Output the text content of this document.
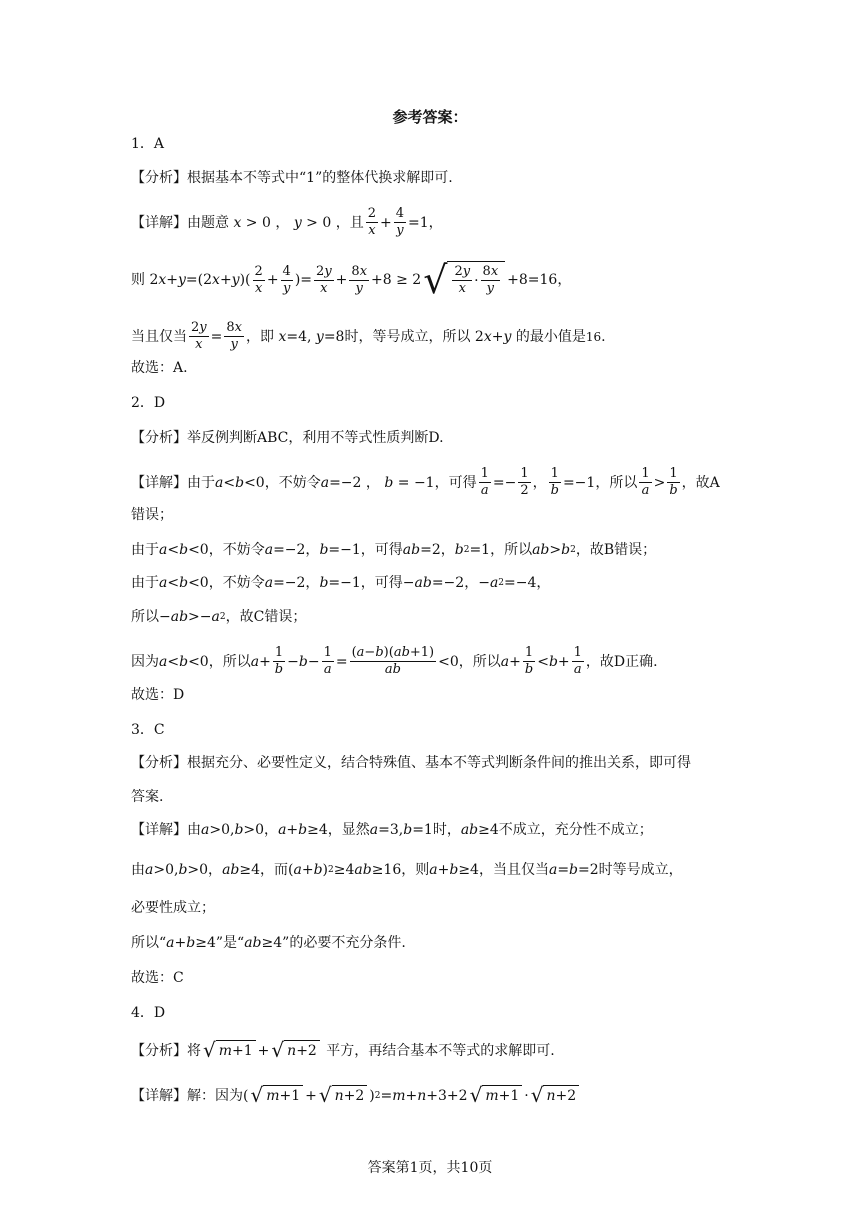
参考答案：
1．A
【分析】根据基本不等式中“1”的整体代换求解即可.
【详解】由题意 x > 0 ， y > 0 ，且 $\frac{2}{x} + \frac{4}{y} =1$，
则 2 x + y =(2 x + y )( $\frac{2}{x} + \frac{4}{y}$ )= $\frac{2y}{x} + \frac{8x}{y} +8 \ge 2$ √ $\frac{2y}{x} \cdot \frac{8x}{y} +8=16$，
当且仅当 $\frac{2y}{x} = \frac{8x}{y}$ ，即
x =4, y =8 时，等号成立，所以 2 x + y
的最小值是 16 .
故选：A.
2．D
【分析】举反例判断ABC，利用不等式性质判断D.
【详解】由于 a < b <0，不妨令 a =−2 ， b = −1，可得 $\frac{1}{a} =- \frac{1}{2}$ ， $\frac{1}{b} =-1$，所以 $\frac{1}{a} > \frac{1}{b}$ ，故A
错误；
由于 a < b <0，不妨令 a =−2， b =−1，可得 ab =2， b 2 =1，所以 ab > b 2 ，故B错误；
由于 a < b <0，不妨令 a =−2， b =−1，可得− ab =−2，− a 2 =−4，
所以 − ab >− a 2 ，故C错误；
因为 a < b <0，所以 $a + \frac{1}{b} - b - \frac{1}{a} = \frac{(a-b)(ab+1)}{ab} <0$，所以 $a + \frac{1}{b} < b + \frac{1}{a}$ ，故D正确.
故选：D
3．C
【分析】根据充分、必要性定义，结合特殊值、基本不等式判断条件间的推出关系，即可得
答案.
【详解】由 a >0, b >0， a + b ≥4，显然 a =3, b =1时， ab ≥4 不成立，充分性不成立；
由 a >0, b >0， ab ≥4，而( a + b ) 2 ≥4 ab ≥16，则 a + b ≥4，当且仅当 a = b =2 时等号成立，
必要性成立；
所以“ a + b ≥4 ”是“ ab ≥4 ”的必要不充分条件.
故选：C
4．D
【分析】将 √ m +1 + √ n +2
平方，再结合基本不等式的求解即可.
【详解】解：因为 ( √ m +1 + √ n +2 ) 2 = m + n +3+2 √ m +1 · √ n +2
答案第1页，共10页
